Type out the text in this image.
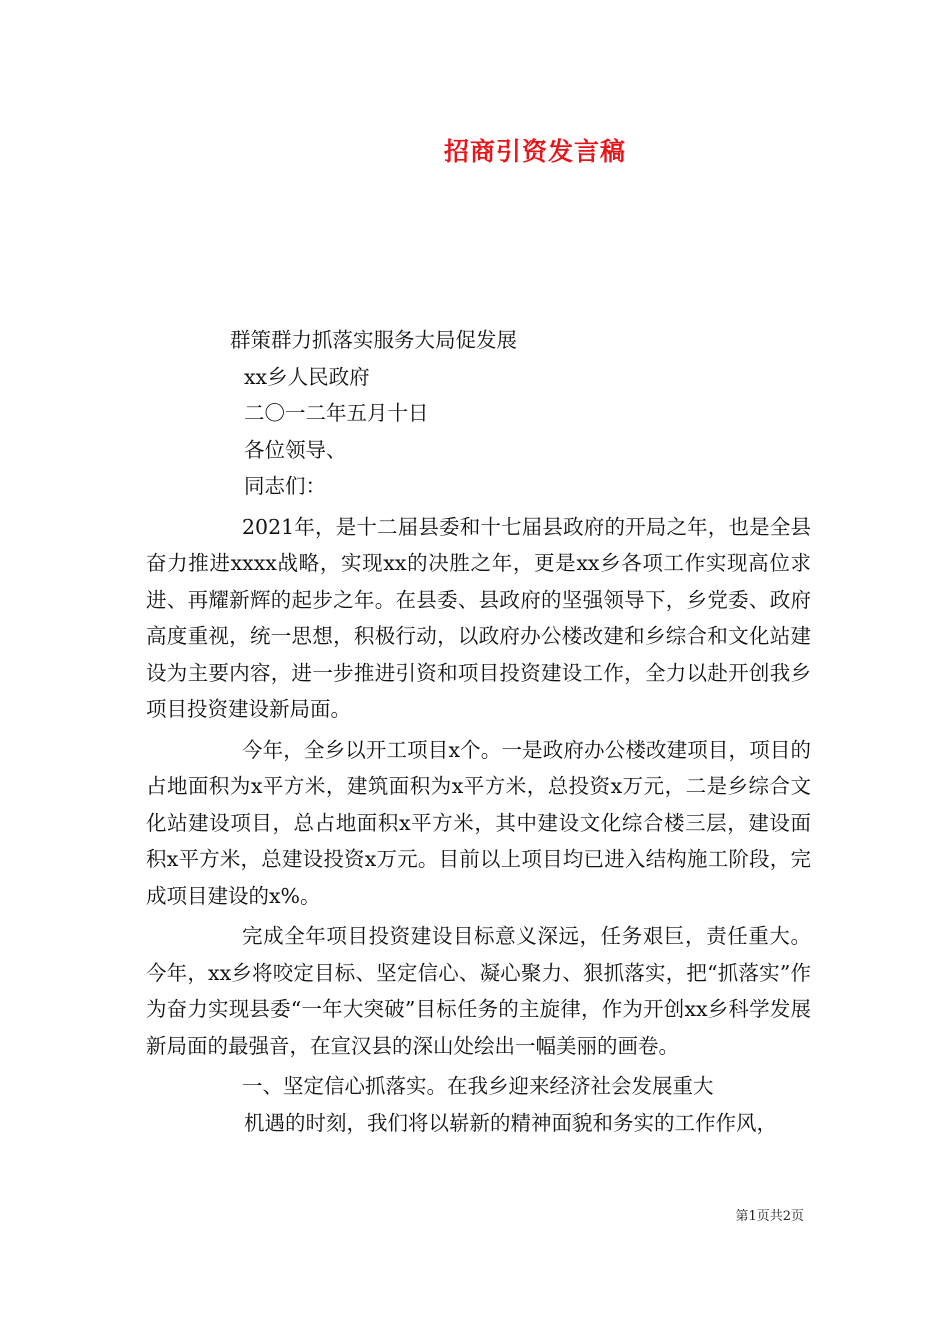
招商引资发言稿
群策群力抓落实服务大局促发展
xx乡人民政府
二〇一二年五月十日
各位领导、
同志们：

2021年，是十二届县委和十七届县政府的开局之年，也是全县奋力推进xxxx战略，实现xx的决胜之年，更是xx乡各项工作实现高位求进、再耀新辉的起步之年。在县委、县政府的坚强领导下，乡党委、政府高度重视，统一思想，积极行动，以政府办公楼改建和乡综合和文化站建设为主要内容，进一步推进引资和项目投资建设工作，全力以赴开创我乡项目投资建设新局面。

今年，全乡以开工项目x个。一是政府办公楼改建项目，项目的占地面积为x平方米，建筑面积为x平方米，总投资x万元，二是乡综合文化站建设项目，总占地面积x平方米，其中建设文化综合楼三层，建设面积x平方米，总建设投资x万元。目前以上项目均已进入结构施工阶段，完成项目建设的x%。

完成全年项目投资建设目标意义深远，任务艰巨，责任重大。今年，xx乡将咬定目标、坚定信心、凝心聚力、狠抓落实，把“抓落实”作为奋力实现县委“一年大突破”目标任务的主旋律，作为开创xx乡科学发展新局面的最强音，在宣汉县的深山处绘出一幅美丽的画卷。

一、坚定信心抓落实。在我乡迎来经济社会发展重大
机遇的时刻，我们将以崭新的精神面貌和务实的工作作风，
第1页共2页
